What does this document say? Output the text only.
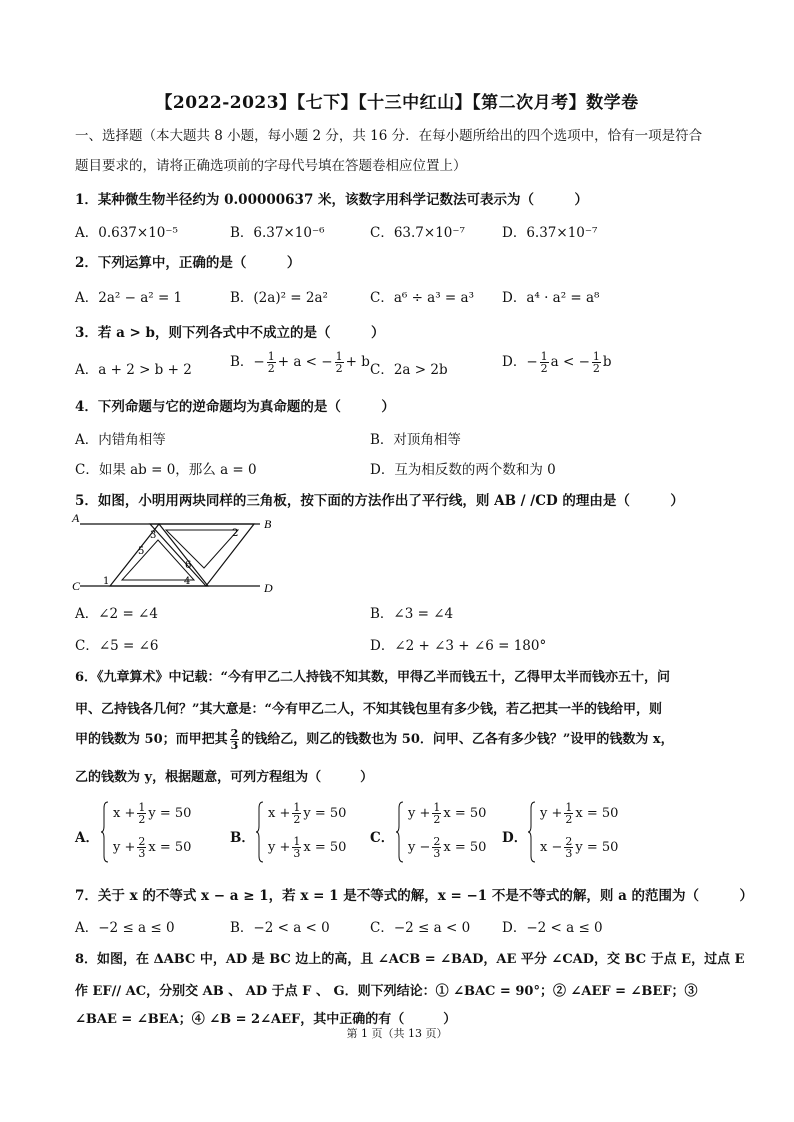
【2022-2023】【七下】【十三中红山】【第二次月考】数学卷
一、选择题（本大题共 8 小题，每小题 2 分，共 16 分．在每小题所给出的四个选项中，恰有一项是符合
题目要求的，请将正确选项前的字母代号填在答题卷相应位置上）
1．某种微生物半径约为 0.00000637 米，该数字用科学记数法可表示为（　　　）
A．0.637×10⁻⁵	B．6.37×10⁻⁶	C．63.7×10⁻⁷	D．6.37×10⁻⁷
2．下列运算中，正确的是（　　　）
A．2a² − a² = 1	B．(2a)² = 2a²	C．a⁶ ÷ a³ = a³ D．a⁴ · a² = a⁸
3．若 a > b，则下列各式中不成立的是（　　　）
A．a + 2 > b + 2	B．− $\frac{1}{2} + a$ < − $\frac{1}{2} + b$ C．2a > 2b	D．− $\frac{1}{2}$ a < − $\frac{1}{2}$ b
4．下列命题与它的逆命题均为真命题的是（　　　）
A．内错角相等	B．对顶角相等
C．如果 ab = 0，那么 a = 0	D．互为相反数的两个数和为 0
5．如图，小明用两块同样的三角板，按下面的方法作出了平行线，则 AB / /CD 的理由是（　　　）
A	B
C	D
1
2
3
4
5
6
A．∠2 = ∠4	B．∠3 = ∠4
C．∠5 = ∠6	D．∠2 + ∠3 + ∠6 = 180°
6．《九章算术》中记载：“今有甲乙二人持钱不知其数，甲得乙半而钱五十，乙得甲太半而钱亦五十，问
甲、乙持钱各几何？”其大意是：“今有甲乙二人，不知其钱包里有多少钱，若乙把其一半的钱给甲，则
甲的钱数为 50；而甲把其 $\frac{2}{3}$ 的钱给乙，则乙的钱数也为 50．问甲、乙各有多少钱？”设甲的钱数为 x，
乙的钱数为 y，根据题意，可列方程组为（　　　）
A．
$x + \frac{1}{2}$ y = 50
$y + \frac{2}{3}$ x = 50
B．
$x + \frac{1}{2}$ y = 50
$y + \frac{1}{3}$ x = 50
C．
$y + \frac{1}{2}$ x = 50
$y - \frac{2}{3}$ x = 50
D．
$y + \frac{1}{2}$ x = 50
$x - \frac{2}{3}$ y = 50
7．关于 x 的不等式 x − a ≥ 1，若 x = 1 是不等式的解，x = −1 不是不等式的解，则 a 的范围为（　　　）
A．−2 ≤ a ≤ 0	B．−2 < a < 0	C．−2 ≤ a < 0 D．−2 < a ≤ 0
8．如图，在 ΔABC 中，AD 是 BC 边上的高，且 ∠ACB = ∠BAD，AE 平分 ∠CAD，交 BC 于点 E，过点 E
作 EF// AC，分别交 AB 、 AD 于点 F 、 G．则下列结论：① ∠BAC = 90°；② ∠AEF = ∠BEF；③
∠BAE = ∠BEA；④ ∠B = 2∠AEF，其中正确的有（　　　）
第 1 页（共 13 页）
